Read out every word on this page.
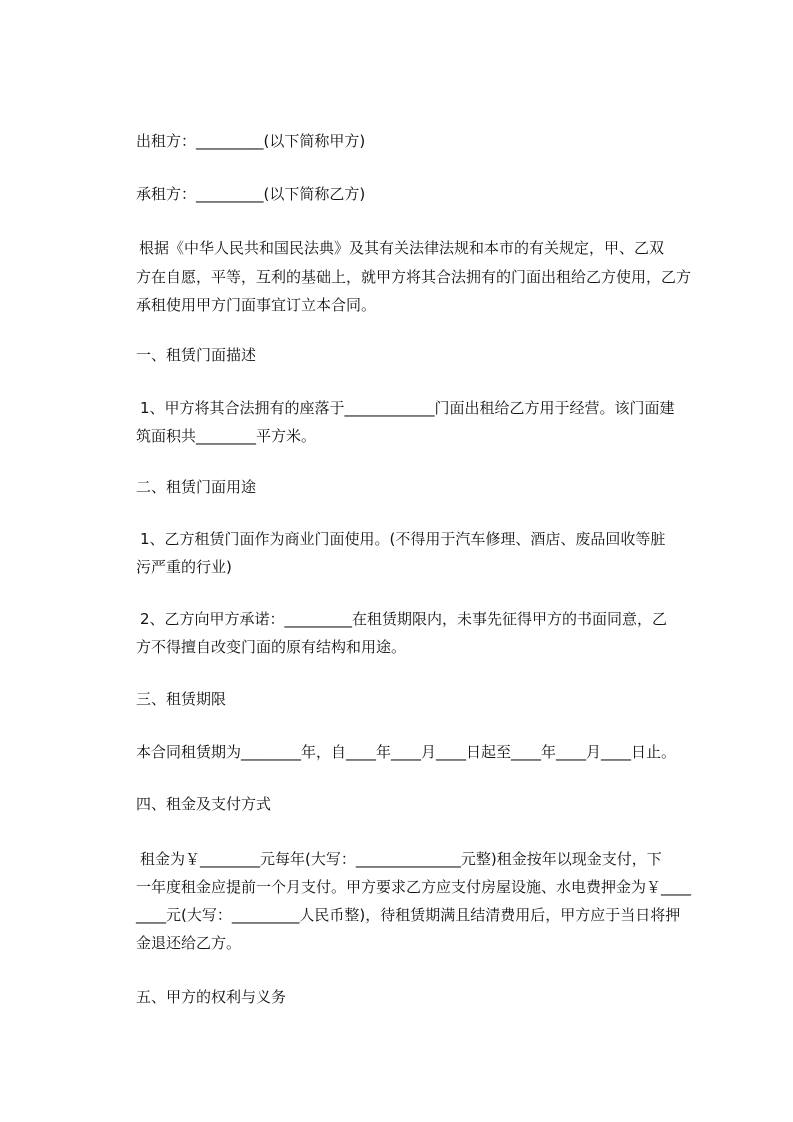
出租方：_________(以下简称甲方)
承租方：_________(以下简称乙方)
根据《中华人民共和国民法典》及其有关法律法规和本市的有关规定，甲、乙双
方在自愿，平等，互利的基础上，就甲方将其合法拥有的门面出租给乙方使用，乙方
承租使用甲方门面事宜订立本合同。
一、租赁门面描述
1、甲方将其合法拥有的座落于____________门面出租给乙方用于经营。该门面建
筑面积共________平方米。
二、租赁门面用途
1、乙方租赁门面作为商业门面使用。(不得用于汽车修理、酒店、废品回收等脏
污严重的行业)
2、乙方向甲方承诺：_________在租赁期限内，未事先征得甲方的书面同意，乙
方不得擅自改变门面的原有结构和用途。
三、租赁期限
本合同租赁期为________年，自____年____月____日起至____年____月____日止。
四、租金及支付方式
租金为￥________元每年(大写：______________元整)租金按年以现金支付，下
一年度租金应提前一个月支付。甲方要求乙方应支付房屋设施、水电费押金为￥____
____元(大写：_________人民币整)，待租赁期满且结清费用后，甲方应于当日将押
金退还给乙方。
五、甲方的权利与义务
